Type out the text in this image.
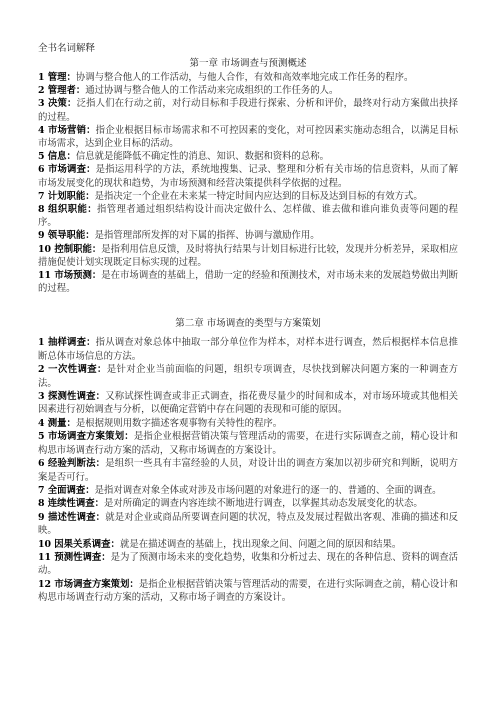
全书名词解释

第一章 市场调查与预测概述

1 管理：协调与整合他人的工作活动，与他人合作，有效和高效率地完成工作任务的程序。

2 管理者：通过协调与整合他人的工作活动来完成组织的工作任务的人。

3 决策：泛指人们在行动之前，对行动目标和手段进行探索、分析和评价，最终对行动方案做出抉择的过程。

4 市场营销：指企业根据目标市场需求和不可控因素的变化，对可控因素实施动态组合，以满足目标市场需求，达到企业目标的活动。

5 信息：信息就是能降低不确定性的消息、知识、数据和资料的总称。

6 市场调查：是指运用科学的方法，系统地搜集、记录、整理和分析有关市场的信息资料，从而了解市场发展变化的现状和趋势，为市场预测和经营决策提供科学依据的过程。

7 计划职能：是指决定一个企业在未来某一特定时间内应达到的目标及达到目标的有效方式。

8 组织职能：指管理者通过组织结构设计而决定做什么、怎样做、谁去做和谁向谁负责等问题的程序。

9 领导职能：是指管理部所发挥的对下属的指挥、协调与激励作用。

10 控制职能：是指利用信息反馈，及时将执行结果与计划目标进行比较，发现并分析差异，采取相应措施促使计划实现既定目标实现的过程。

11 市场预测：是在市场调查的基础上，借助一定的经验和预测技术，对市场未来的发展趋势做出判断的过程。

第二章 市场调查的类型与方案策划

1 抽样调查：指从调查对象总体中抽取一部分单位作为样本，对样本进行调查，然后根据样本信息推断总体市场信息的方法。

2 一次性调查：是针对企业当前面临的问题，组织专项调查，尽快找到解决问题方案的一种调查方法。

3 探测性调查：又称试探性调查或非正式调查，指花费尽量少的时间和成本，对市场环境或其他相关因素进行初始调查与分析，以便确定营销中存在问题的表现和可能的原因。

4 测量：是根据规则用数字描述客观事物有关特性的程序。

5 市场调查方案策划：是指企业根据营销决策与管理活动的需要，在进行实际调查之前，精心设计和构思市场调查行动方案的活动，又称市场调查的方案设计。

6 经验判断法：是组织一些具有丰富经验的人员，对设计出的调查方案加以初步研究和判断，说明方案是否可行。

7 全面调查：是指对调查对象全体或对涉及市场问题的对象进行的逐一的、普通的、全面的调查。

8 连续性调查：是对所确定的调查内容连续不断地进行调查，以掌握其动态发展变化的状态。

9 描述性调查：就是对企业或商品所要调查问题的状况，特点及发展过程做出客观、准确的描述和反映。

10 因果关系调查：就是在描述调查的基础上，找出现象之间、问题之间的原因和结果。

11 预测性调查：是为了预测市场未来的变化趋势，收集和分析过去、现在的各种信息、资料的调查活动。

12 市场调查方案策划：是指企业根据营销决策与管理活动的需要，在进行实际调查之前，精心设计和构思市场调查行动方案的活动，又称市场子调查的方案设计。
